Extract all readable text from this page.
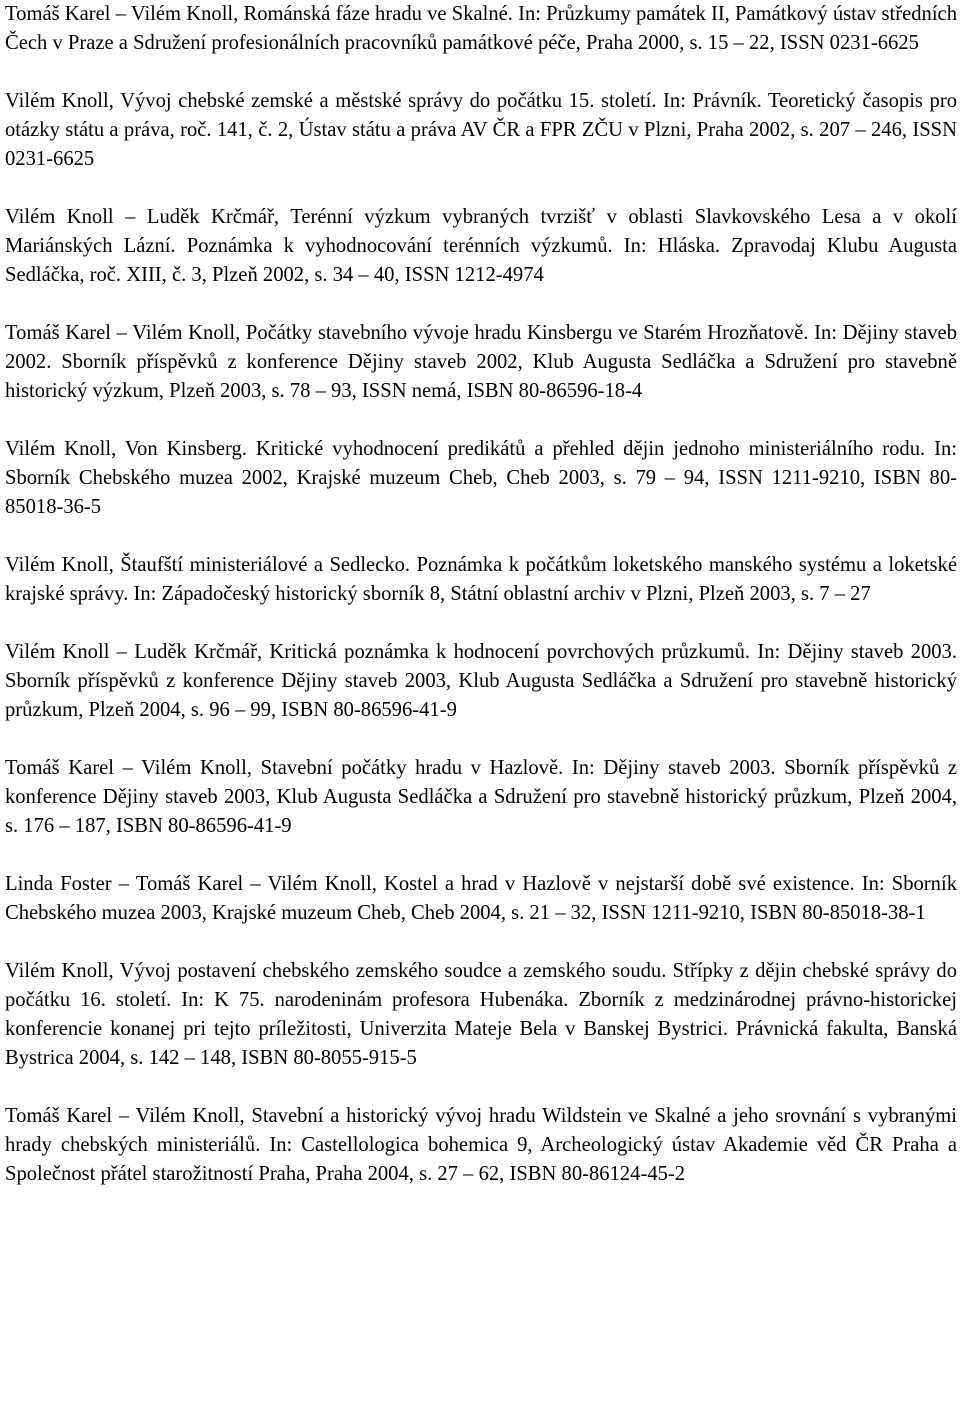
Tomáš Karel – Vilém Knoll, Románská fáze hradu ve Skalné. In: Průzkumy památek II, Památkový ústav středních Čech v Praze a Sdružení profesionálních pracovníků památkové péče, Praha 2000, s. 15 – 22, ISSN 0231-6625

Vilém Knoll, Vývoj chebské zemské a městské správy do počátku 15. století. In: Právník. Teoretický časopis pro otázky státu a práva, roč. 141, č. 2, Ústav státu a práva AV ČR a FPR ZČU v Plzni, Praha 2002, s. 207 – 246, ISSN 0231-6625

Vilém Knoll – Luděk Krčmář, Terénní výzkum vybraných tvrzišť v oblasti Slavkovského Lesa a v okolí Mariánských Lázní. Poznámka k vyhodnocování terénních výzkumů. In: Hláska. Zpravodaj Klubu Augusta Sedláčka, roč. XIII, č. 3, Plzeň 2002, s. 34 – 40, ISSN 1212-4974

Tomáš Karel – Vilém Knoll, Počátky stavebního vývoje hradu Kinsbergu ve Starém Hrozňatově. In: Dějiny staveb 2002. Sborník příspěvků z konference Dějiny staveb 2002, Klub Augusta Sedláčka a Sdružení pro stavebně historický výzkum, Plzeň 2003, s. 78 – 93, ISSN nemá, ISBN 80-86596-18-4

Vilém Knoll, Von Kinsberg. Kritické vyhodnocení predikátů a přehled dějin jednoho ministeriálního rodu. In: Sborník Chebského muzea 2002, Krajské muzeum Cheb, Cheb 2003, s. 79 – 94, ISSN 1211-9210, ISBN 80-85018-36-5

Vilém Knoll, Štaufští ministeriálové a Sedlecko. Poznámka k počátkům loketského manského systému a loketské krajské správy. In: Západočeský historický sborník 8, Státní oblastní archiv v Plzni, Plzeň 2003, s. 7 – 27

Vilém Knoll – Luděk Krčmář, Kritická poznámka k hodnocení povrchových průzkumů. In: Dějiny staveb 2003. Sborník příspěvků z konference Dějiny staveb 2003, Klub Augusta Sedláčka a Sdružení pro stavebně historický průzkum, Plzeň 2004, s. 96 – 99, ISBN 80-86596-41-9

Tomáš Karel – Vilém Knoll, Stavební počátky hradu v Hazlově. In: Dějiny staveb 2003. Sborník příspěvků z konference Dějiny staveb 2003, Klub Augusta Sedláčka a Sdružení pro stavebně historický průzkum, Plzeň 2004, s. 176 – 187, ISBN 80-86596-41-9

Linda Foster – Tomáš Karel – Vilém Knoll, Kostel a hrad v Hazlově v nejstarší době své existence. In: Sborník Chebského muzea 2003, Krajské muzeum Cheb, Cheb 2004, s. 21 – 32, ISSN 1211-9210, ISBN 80-85018-38-1

Vilém Knoll, Vývoj postavení chebského zemského soudce a zemského soudu. Střípky z dějin chebské správy do počátku 16. století. In: K 75. narodeninám profesora Hubenáka. Zborník z medzinárodnej právno-historickej konferencie konanej pri tejto príležitosti, Univerzita Mateje Bela v Banskej Bystrici. Právnická fakulta, Banská Bystrica 2004, s. 142 – 148, ISBN 80-8055-915-5

Tomáš Karel – Vilém Knoll, Stavební a historický vývoj hradu Wildstein ve Skalné a jeho srovnání s vybranými hrady chebských ministeriálů. In: Castellologica bohemica 9, Archeologický ústav Akademie věd ČR Praha a Společnost přátel starožitností Praha, Praha 2004, s. 27 – 62, ISBN 80-86124-45-2
